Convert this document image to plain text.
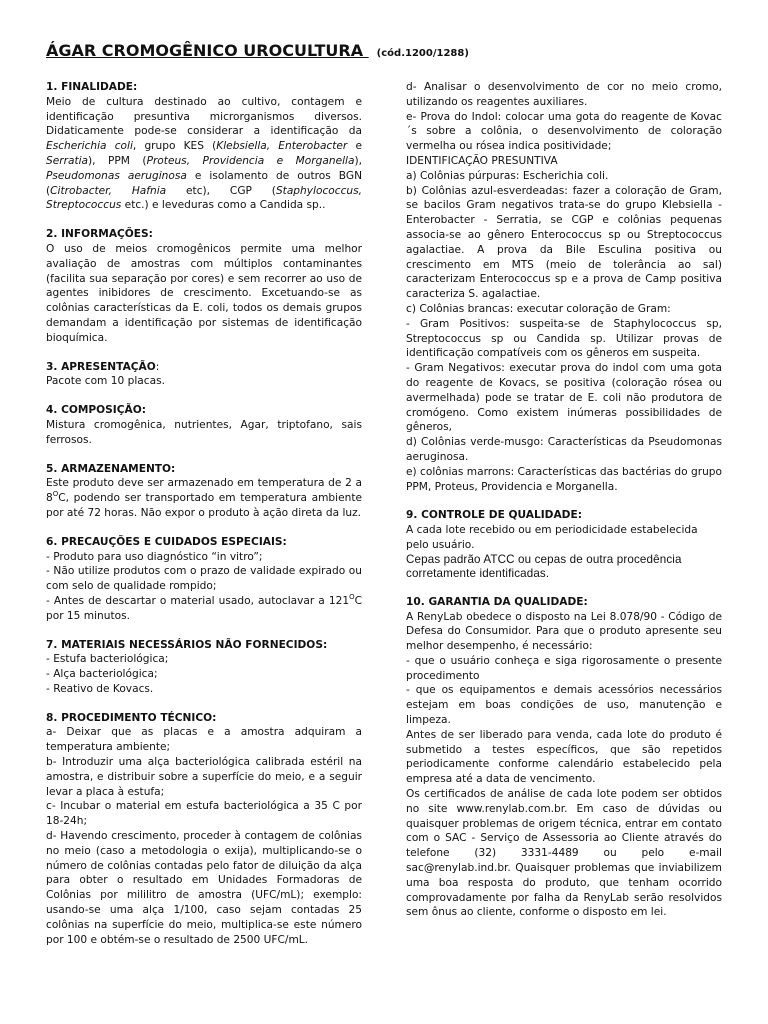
ÁGAR CROMOGÊNICO UROCULTURA (cód.1200/1288)
1. FINALIDADE:
Meio de cultura destinado ao cultivo, contagem e identificação presuntiva microrganismos diversos. Didaticamente pode-se considerar a identificação da Escherichia coli, grupo KES (Klebsiella, Enterobacter e Serratia), PPM (Proteus, Providencia e Morganella), Pseudomonas aeruginosa e isolamento de outros BGN (Citrobacter, Hafnia etc), CGP (Staphylococcus, Streptococcus etc.) e leveduras como a Candida sp..
2. INFORMAÇÕES:
O uso de meios cromogênicos permite uma melhor avaliação de amostras com múltiplos contaminantes (facilita sua separação por cores) e sem recorrer ao uso de agentes inibidores de crescimento. Excetuando-se as colônias características da E. coli, todos os demais grupos demandam a identificação por sistemas de identificação bioquímica.
3. APRESENTAÇÃO:
Pacote com 10 placas.
4. COMPOSIÇÃO:
Mistura cromogênica, nutrientes, Agar, triptofano, sais ferrosos.
5. ARMAZENAMENTO:
Este produto deve ser armazenado em temperatura de 2 a $8^OC$, podendo ser transportado em temperatura ambiente por até 72 horas. Não expor o produto à ação direta da luz.
6. PRECAUÇÕES E CUIDADOS ESPECIAIS:
- Produto para uso diagnóstico “in vitro”;
- Não utilize produtos com o prazo de validade expirado ou com selo de qualidade rompido;
- Antes de descartar o material usado, autoclavar a $121^OC$ por 15 minutos.
7. MATERIAIS NECESSÁRIOS NÃO FORNECIDOS:
- Estufa bacteriológica;
- Alça bacteriológica;
- Reativo de Kovacs.
8. PROCEDIMENTO TÉCNICO:
a- Deixar que as placas e a amostra adquiram a temperatura ambiente;
b- Introduzir uma alça bacteriológica calibrada estéril na amostra, e distribuir sobre a superfície do meio, e a seguir levar a placa à estufa;
c- Incubar o material em estufa bacteriológica a 35 C por 18-24h;
d- Havendo crescimento, proceder à contagem de colônias no meio (caso a metodologia o exija), multiplicando-se o número de colônias contadas pelo fator de diluição da alça para obter o resultado em Unidades Formadoras de Colônias por mililitro de amostra (UFC/mL); exemplo: usando-se uma alça 1/100, caso sejam contadas 25 colônias na superfície do meio, multiplica-se este número por 100 e obtém-se o resultado de 2500 UFC/mL.
d- Analisar o desenvolvimento de cor no meio cromo, utilizando os reagentes auxiliares.
e- Prova do Indol: colocar uma gota do reagente de Kovac´s sobre a colônia, o desenvolvimento de coloração vermelha ou rósea indica positividade;
IDENTIFICAÇÃO PRESUNTIVA
a) Colônias púrpuras: Escherichia coli.
b) Colônias azul-esverdeadas: fazer a coloração de Gram, se bacilos Gram negativos trata-se do grupo Klebsiella - Enterobacter - Serratia, se CGP e colônias pequenas associa-se ao gênero Enterococcus sp ou Streptococcus agalactiae. A prova da Bile Esculina positiva ou crescimento em MTS (meio de tolerância ao sal) caracterizam Enterococcus sp e a prova de Camp positiva caracteriza S. agalactiae.
c) Colônias brancas: executar coloração de Gram:
- Gram Positivos: suspeita-se de Staphylococcus sp, Streptococcus sp ou Candida sp. Utilizar provas de identificação compatíveis com os gêneros em suspeita.
- Gram Negativos: executar prova do indol com uma gota do reagente de Kovacs, se positiva (coloração rósea ou avermelhada) pode se tratar de E. coli não produtora de cromógeno. Como existem inúmeras possibilidades de gêneros,
d) Colônias verde-musgo: Características da Pseudomonas aeruginosa.
e) colônias marrons: Características das bactérias do grupo PPM, Proteus, Providencia e Morganella.
9. CONTROLE DE QUALIDADE:
A cada lote recebido ou em periodicidade estabelecida pelo usuário.
Cepas padrão ATCC ou cepas de outra procedência corretamente identificadas.
10. GARANTIA DA QUALIDADE:
A RenyLab obedece o disposto na Lei 8.078/90 - Código de Defesa do Consumidor. Para que o produto apresente seu melhor desempenho, é necessário:
- que o usuário conheça e siga rigorosamente o presente procedimento
- que os equipamentos e demais acessórios necessários estejam em boas condições de uso, manutenção e limpeza.
Antes de ser liberado para venda, cada lote do produto é submetido a testes específicos, que são repetidos periodicamente conforme calendário estabelecido pela empresa até a data de vencimento.
Os certificados de análise de cada lote podem ser obtidos no site www.renylab.com.br. Em caso de dúvidas ou quaisquer problemas de origem técnica, entrar em contato com o SAC - Serviço de Assessoria ao Cliente através do telefone (32) 3331-4489 ou pelo e-mail sac@renylab.ind.br. Quaisquer problemas que inviabilizem uma boa resposta do produto, que tenham ocorrido comprovadamente por falha da RenyLab serão resolvidos sem ônus ao cliente, conforme o disposto em lei.
